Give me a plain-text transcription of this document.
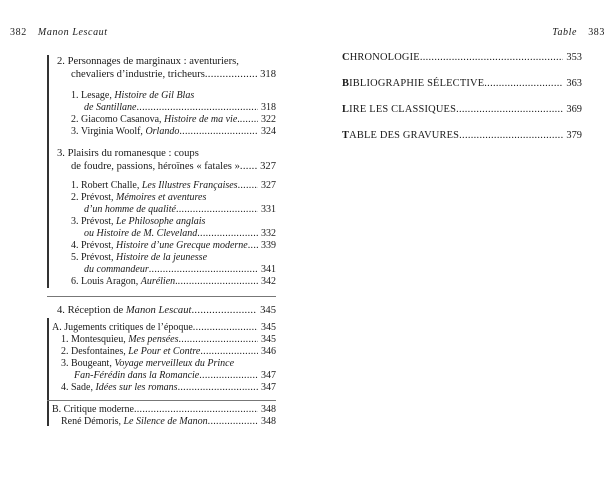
382 Manon Lescaut	Table 383
2. Personnages de marginaux : aventuriers,
chevaliers d’industrie, tricheurs .....	318
1. Lesage, Histoire de Gil Blas
de Santillane .....	318
2. Giacomo Casanova, Histoire de ma vie. .....	322
3. Virginia Woolf, Orlando .....	324
3. Plaisirs du romanesque : coups
de foudre, passions, héroïnes « fatales » ..... 327
1. Robert Challe, Les Illustres Françaises .....	327
2. Prévost, Mémoires et aventures
d’un homme de qualité .....	331
3. Prévost, Le Philosophe anglais
ou Histoire de M. Cleveland .....	332
4. Prévost, Histoire d’une Grecque moderne .....	339
5. Prévost, Histoire de la jeunesse
du commandeur .....	341
6. Louis Aragon, Aurélien. .....	342
4. Réception de Manon Lescaut .....	345
A. Jugements critiques de l’époque .....	345
1. Montesquieu, Mes pensées .....	345
2. Desfontaines, Le Pour et Contre .....	346
3. Bougeant, Voyage merveilleux du Prince
Fan-Férédin dans la Romancie .....	347
4. Sade, Idées sur les romans .....	347
B. Critique moderne .....	348
René Démoris, Le Silence de Manon .....	348
CHRONOLOGIE .....	353
BIBLIOGRAPHIE SÉLECTIVE .....	363
LIRE LES CLASSIQUES .....	369
TABLE DES GRAVURES .....	379
